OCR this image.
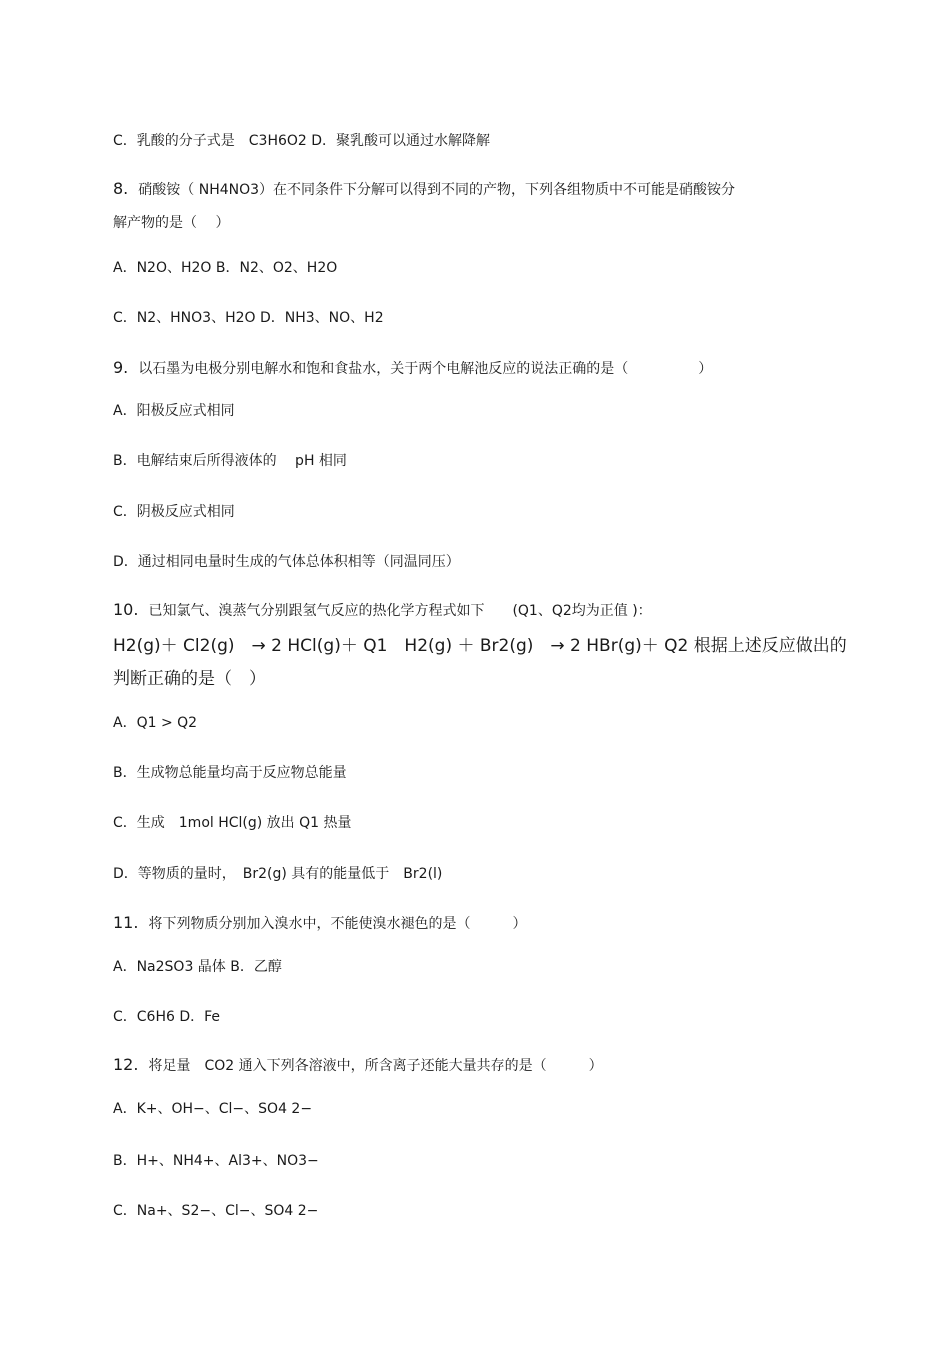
C．乳酸的分子式是　C3H6O2 D．聚乳酸可以通过水解降解
8. 硝酸铵（ NH4NO3）在不同条件下分解可以得到不同的产物，下列各组物质中不可能是硝酸铵分
解产物的是（　 ）
A．N2O、H2O B．N2、O2、H2O
C．N2、HNO3、H2O D．NH3、NO、H2
9. 以石墨为电极分别电解水和饱和食盐水，关于两个电解池反应的说法正确的是（　　　　　）
A．阳极反应式相同
B．电解结束后所得液体的　 pH 相同
C．阴极反应式相同
D．通过相同电量时生成的气体总体积相等（同温同压）
10. 已知氯气、溴蒸气分别跟氢气反应的热化学方程式如下　　(Q1、Q2均为正值 )：
H2(g)＋ Cl2(g)　→ 2 HCl(g)＋ Q1　H2(g) ＋ Br2(g)　→ 2 HBr(g)＋ Q2 根据上述反应做出的
判断正确的是（　）
A．Q1 > Q2
B．生成物总能量均高于反应物总能量
C．生成　1mol HCl(g) 放出 Q1 热量
D．等物质的量时，　Br2(g) 具有的能量低于　Br2(l)
11. 将下列物质分别加入溴水中，不能使溴水褪色的是（　　　）
A．Na2SO3 晶体 B．乙醇
C．C6H6 D．Fe
12. 将足量　CO2 通入下列各溶液中，所含离子还能大量共存的是（　　　）
A．K+、OH−、Cl−、SO4 2−
B．H+、NH4+、Al3+、NO3−
C．Na+、S2−、Cl−、SO4 2−
